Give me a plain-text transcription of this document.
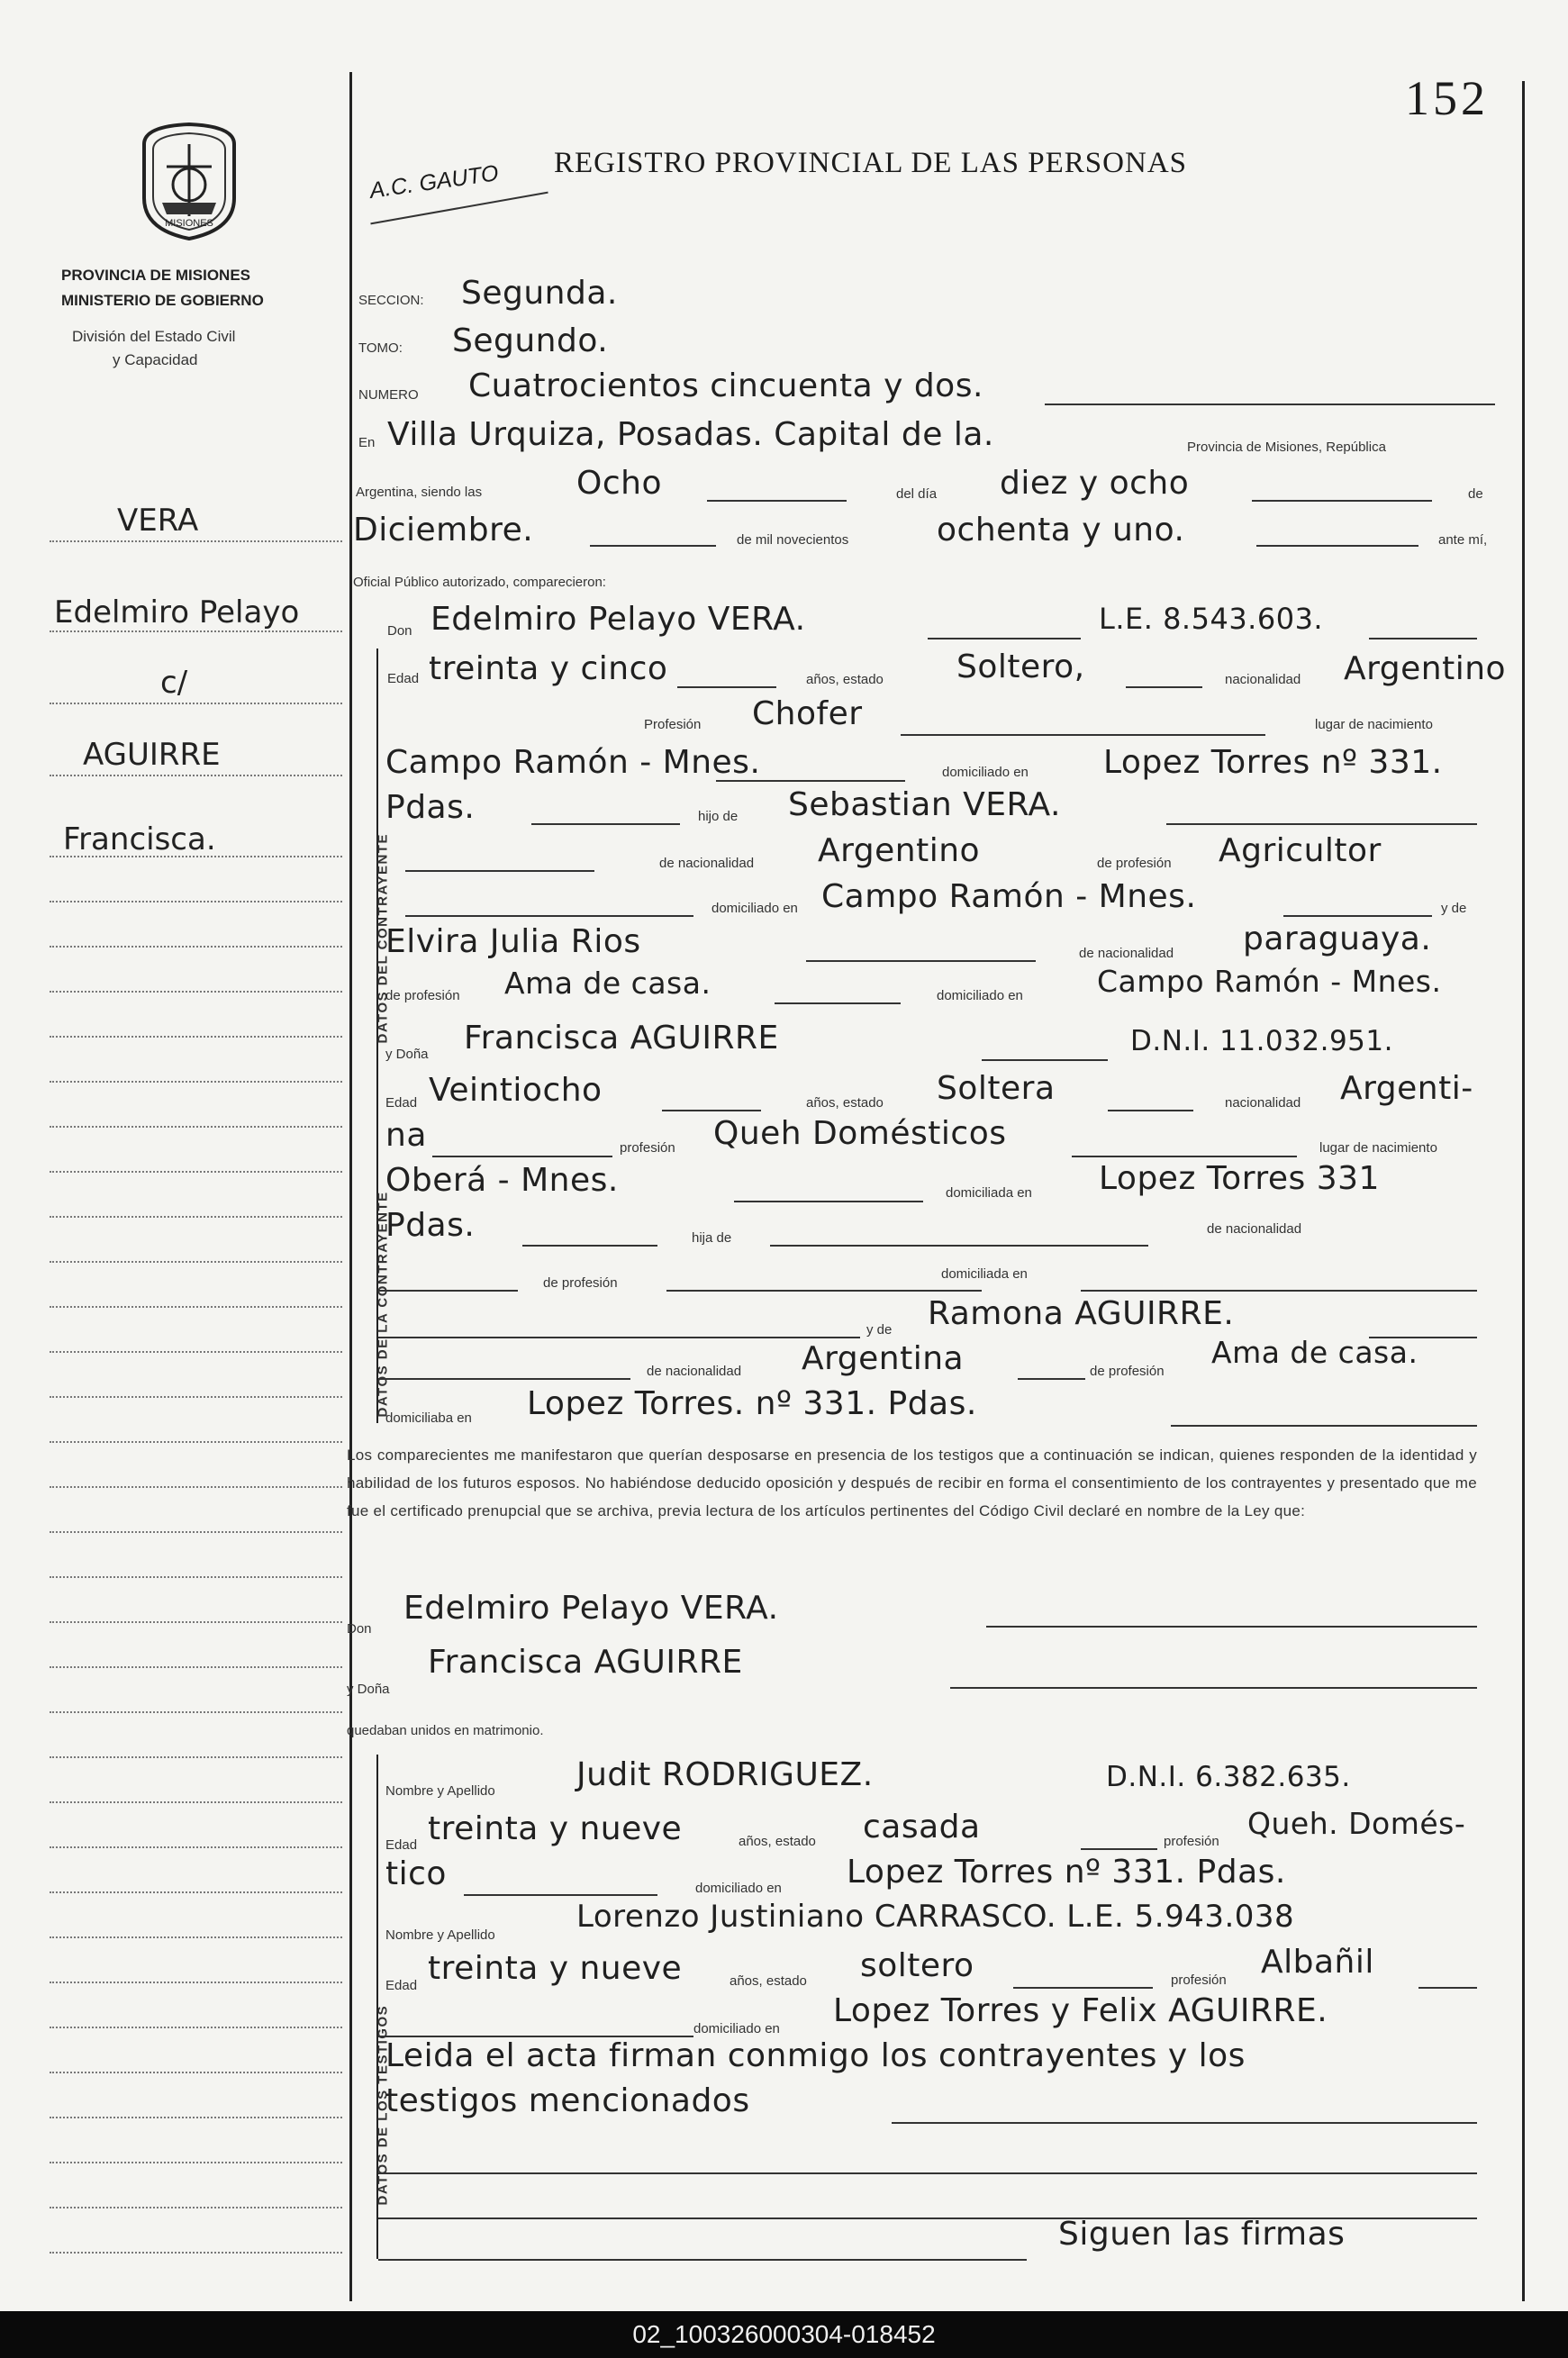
MISIONES
PROVINCIA DE MISIONES
MINISTERIO DE GOBIERNO
División del Estado Civil
y Capacidad
152
A.C. GAUTO REGISTRO PROVINCIAL DE LAS PERSONAS
VERA
Edelmiro Pelayo
c/
AGUIRRE
Francisca.
SECCION: Segunda.
TOMO: Segundo.
NUMERO Cuatrocientos cincuenta y dos.
En Villa Urquiza, Posadas. Capital de la.	Provincia de Misiones, República
Argentina, siendo las	Ocho	del día diez y ocho	de
Diciembre.	de mil novecientos	ochenta y uno.	ante mí,
Oficial Público autorizado, comparecieron:
DATOS DEL CONTRAYENTE
Don Edelmiro Pelayo VERA.	L.E. 8.543.603.
Edad treinta y cinco	años, estado Soltero,	nacionalidad Argentino
Profesión Chofer	lugar de nacimiento
Campo Ramón - Mnes.	domiciliado en Lopez Torres nº 331.
Pdas.	hijo de Sebastian VERA.
de nacionalidad Argentino	de profesión Agricultor
domiciliado en Campo Ramón - Mnes.	y de
Elvira Julia Rios	de nacionalidad paraguaya.
de profesión Ama de casa.	domiciliado en Campo Ramón - Mnes.
DATOS DE LA CONTRAYENTE
y Doña Francisca AGUIRRE	D.N.I. 11.032.951.
Edad Veintiocho	años, estado Soltera	nacionalidad Argenti-
na	profesión Queh Domésticos	lugar de nacimiento
Oberá - Mnes.	domiciliada en Lopez Torres 331
Pdas.	hija de
de nacionalidad
de profesión
domiciliada en
y de Ramona AGUIRRE.
de nacionalidad Argentina	de profesión
Ama de casa.
domiciliaba en Lopez Torres. nº 331. Pdas.
Los comparecientes me manifestaron que querían desposarse en presencia de los testigos que a continuación se indican, quienes responden de la identidad y habilidad de los futuros esposos. No habiéndose deducido oposición y después de recibir en forma el consentimiento de los contrayentes y presentado que me fue el certificado prenupcial que se archiva, previa lectura de los artículos pertinentes del Código Civil declaré en nombre de la Ley que:
Don
Edelmiro Pelayo VERA.
y Doña
Francisca AGUIRRE
quedaban unidos en matrimonio.
DATOS DE LOS TESTIGOS
Nombre y Apellido	Judit RODRIGUEZ.	D.N.I. 6.382.635.
Edad treinta y nueve	años, estado casada	profesión
Queh. Domés-
tico	domiciliado en Lopez Torres nº 331. Pdas.
Nombre y Apellido
Lorenzo Justiniano CARRASCO. L.E. 5.943.038
Edad treinta y nueve	años, estado soltero	profesión Albañil
domiciliado en Lopez Torres y Felix AGUIRRE.
Leida el acta firman conmigo los contrayentes y los
testigos mencionados
Siguen las firmas
02_100326000304-018452
